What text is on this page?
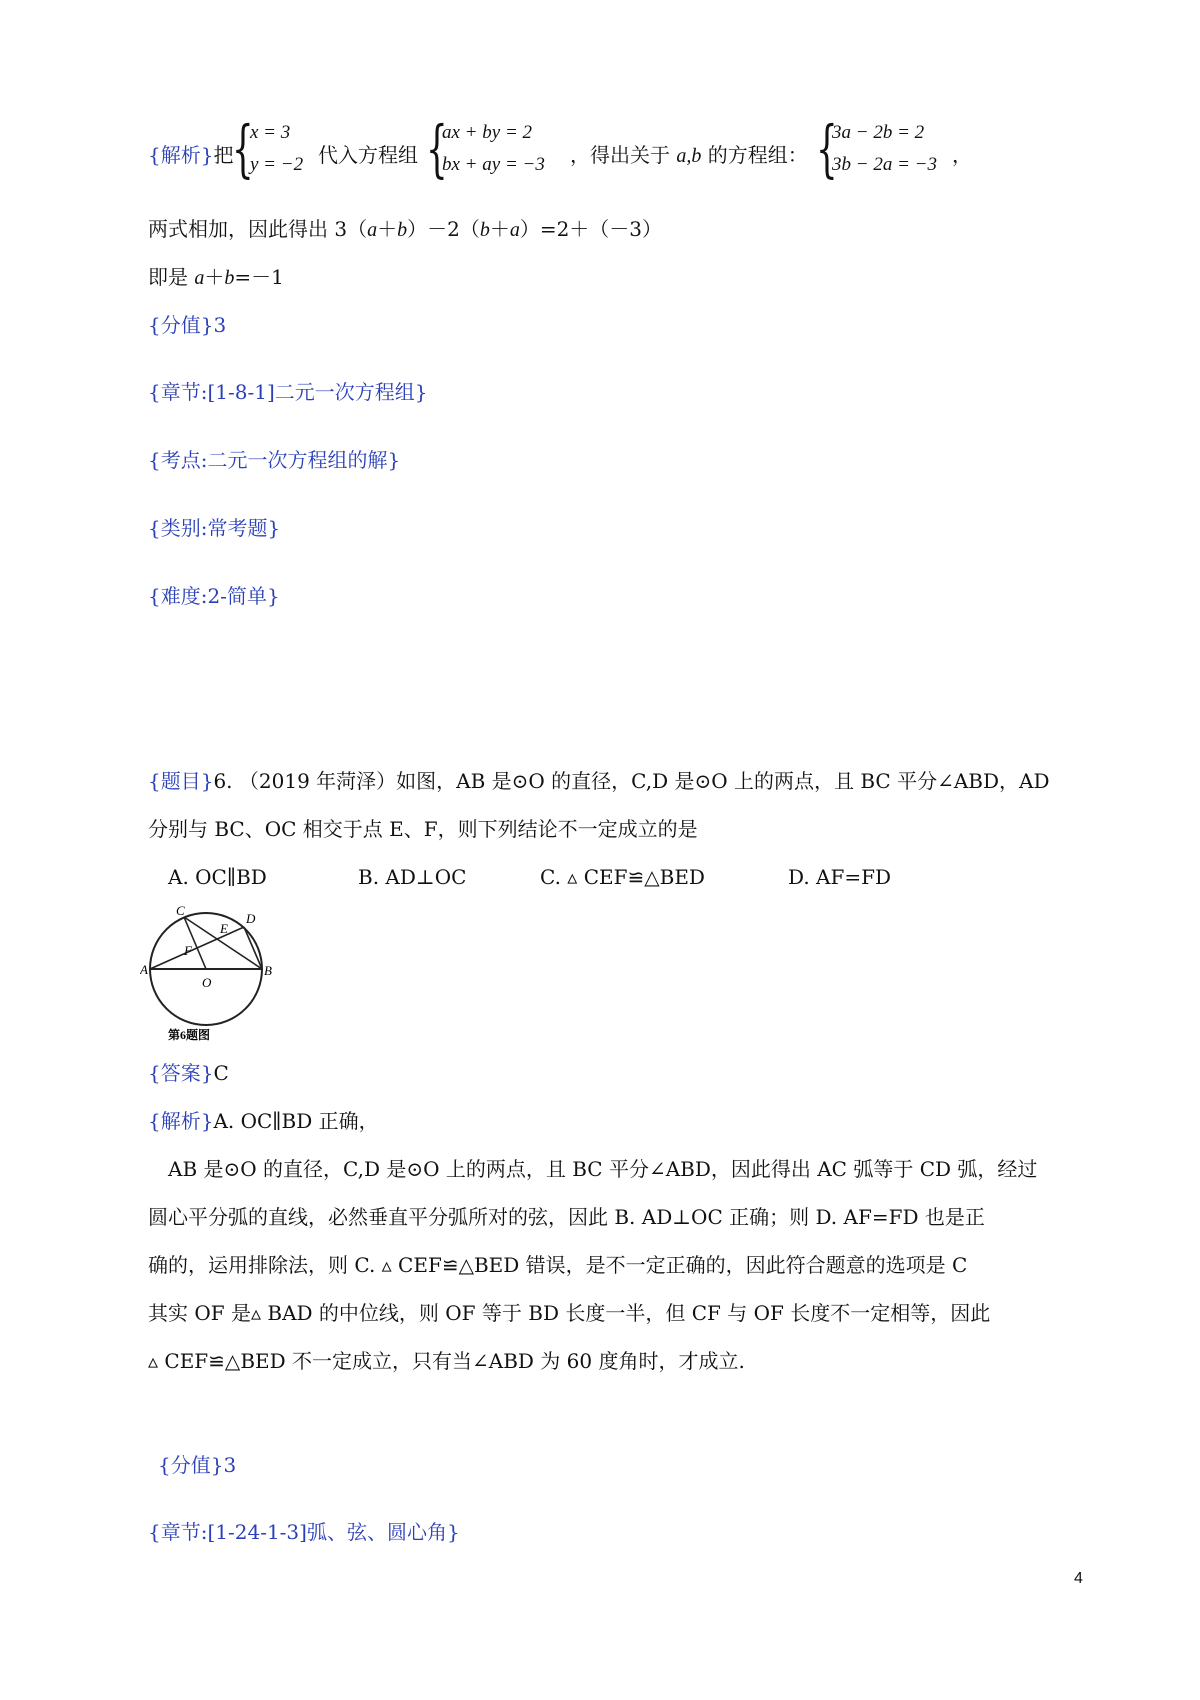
{解析}把
{
x = 3
y = −2 代入方程组 {
ax + by = 2
bx + ay = −3 ，得出关于 a,b 的方程组： {
3a − 2b = 2
3b − 2a = −3 ，
两式相加，因此得出 3（a＋b）－2（b＋a）=2＋（－3）
即是 a＋b=－1
{分值}3
{章节:[1-8-1]二元一次方程组}
{考点:二元一次方程组的解}
{类别:常考题}
{难度:2-简单}
{题目}6. （2019 年菏泽）如图，AB 是⊙O 的直径，C,D 是⊙O 上的两点，且 BC 平分∠ABD，AD
分别与 BC、OC 相交于点 E、F，则下列结论不一定成立的是
A. OC∥BD	B. AD⊥OC	C. ▵ CEF≌△BED	D. AF=FD
C
E
D
F
A
O
B
第6题图
{答案}C
{解析}A. OC∥BD 正确，
AB 是⊙O 的直径，C,D 是⊙O 上的两点，且 BC 平分∠ABD，因此得出 AC 弧等于 CD 弧，经过
圆心平分弧的直线，必然垂直平分弧所对的弦，因此 B. AD⊥OC 正确；则 D. AF=FD 也是正
确的，运用排除法，则 C. ▵ CEF≌△BED 错误，是不一定正确的，因此符合题意的选项是 C
其实 OF 是▵ BAD 的中位线，则 OF 等于 BD 长度一半，但 CF 与 OF 长度不一定相等，因此
▵ CEF≌△BED 不一定成立，只有当∠ABD 为 60 度角时，才成立.
{分值}3
{章节:[1-24-1-3]弧、弦、圆心角}
4
